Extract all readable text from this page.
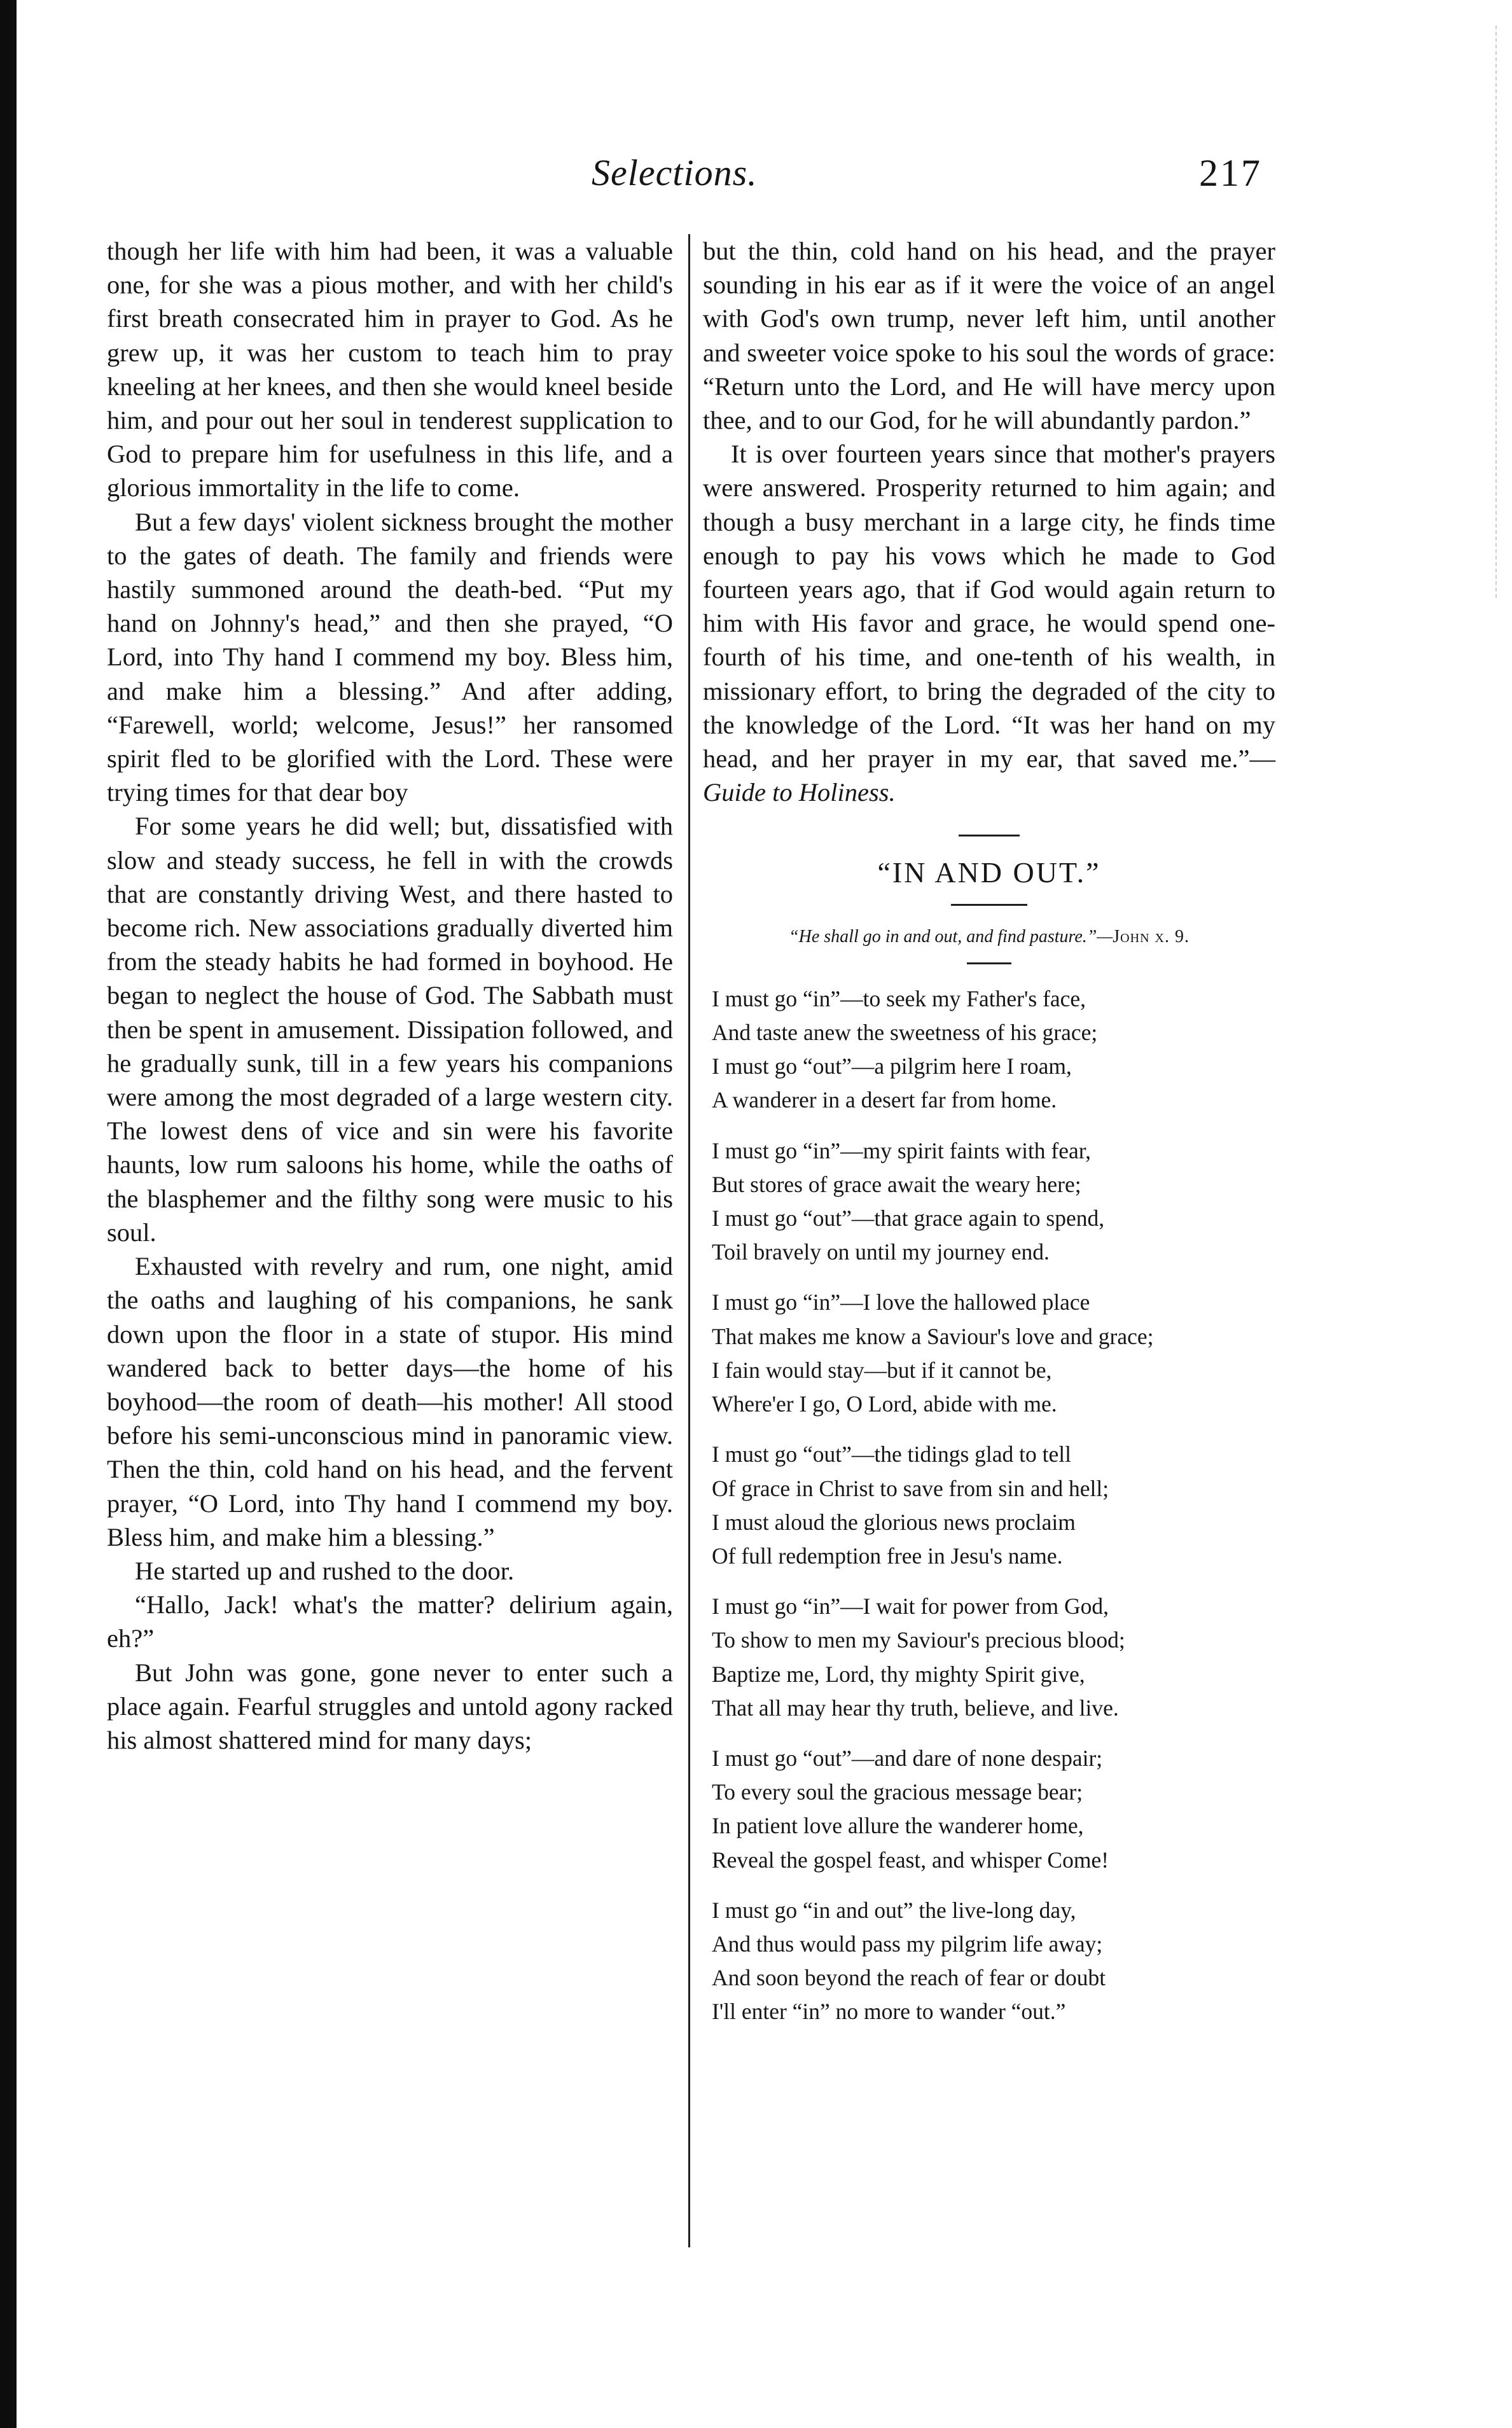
Selections.	217

though her life with him had been, it was a valuable one, for she was a pious mother, and with her child's first breath consecrated him in prayer to God. As he grew up, it was her custom to teach him to pray kneeling at her knees, and then she would kneel beside him, and pour out her soul in tenderest supplication to God to prepare him for usefulness in this life, and a glorious immortality in the life to come.

But a few days' violent sickness brought the mother to the gates of death. The family and friends were hastily summoned around the death-bed. “Put my hand on Johnny's head,” and then she prayed, “O Lord, into Thy hand I commend my boy. Bless him, and make him a blessing.” And after adding, “Farewell, world; welcome, Jesus!” her ransomed spirit fled to be glorified with the Lord. These were trying times for that dear boy

For some years he did well; but, dissatisfied with slow and steady success, he fell in with the crowds that are constantly driving West, and there hasted to become rich. New associations gradually diverted him from the steady habits he had formed in boyhood. He began to neglect the house of God. The Sabbath must then be spent in amusement. Dissipation followed, and he gradually sunk, till in a few years his companions were among the most degraded of a large western city. The lowest dens of vice and sin were his favorite haunts, low rum saloons his home, while the oaths of the blasphemer and the filthy song were music to his soul.

Exhausted with revelry and rum, one night, amid the oaths and laughing of his companions, he sank down upon the floor in a state of stupor. His mind wandered back to better days—the home of his boyhood—the room of death—his mother! All stood before his semi-unconscious mind in panoramic view. Then the thin, cold hand on his head, and the fervent prayer, “O Lord, into Thy hand I commend my boy. Bless him, and make him a blessing.”

He started up and rushed to the door.

“Hallo, Jack! what's the matter? delirium again, eh?”

But John was gone, gone never to enter such a place again. Fearful struggles and untold agony racked his almost shattered mind for many days;

but the thin, cold hand on his head, and the prayer sounding in his ear as if it were the voice of an angel with God's own trump, never left him, until another and sweeter voice spoke to his soul the words of grace: “Return unto the Lord, and He will have mercy upon thee, and to our God, for he will abundantly pardon.”

It is over fourteen years since that mother's prayers were answered. Prosperity returned to him again; and though a busy merchant in a large city, he finds time enough to pay his vows which he made to God fourteen years ago, that if God would again return to him with His favor and grace, he would spend one-fourth of his time, and one-tenth of his wealth, in missionary effort, to bring the degraded of the city to the knowledge of the Lord. “It was her hand on my head, and her prayer in my ear, that saved me.”—Guide to Holiness.

“IN AND OUT.”
“He shall go in and out, and find pasture.”—John x. 9.
I must go “in”—to seek my Father's face,
And taste anew the sweetness of his grace;
I must go “out”—a pilgrim here I roam,
A wanderer in a desert far from home.
I must go “in”—my spirit faints with fear,
But stores of grace await the weary here;
I must go “out”—that grace again to spend,
Toil bravely on until my journey end.
I must go “in”—I love the hallowed place
That makes me know a Saviour's love and grace;
I fain would stay—but if it cannot be,
Where'er I go, O Lord, abide with me.
I must go “out”—the tidings glad to tell
Of grace in Christ to save from sin and hell;
I must aloud the glorious news proclaim
Of full redemption free in Jesu's name.
I must go “in”—I wait for power from God,
To show to men my Saviour's precious blood;
Baptize me, Lord, thy mighty Spirit give,
That all may hear thy truth, believe, and live.
I must go “out”—and dare of none despair;
To every soul the gracious message bear;
In patient love allure the wanderer home,
Reveal the gospel feast, and whisper Come!
I must go “in and out” the live-long day,
And thus would pass my pilgrim life away;
And soon beyond the reach of fear or doubt
I'll enter “in” no more to wander “out.”
